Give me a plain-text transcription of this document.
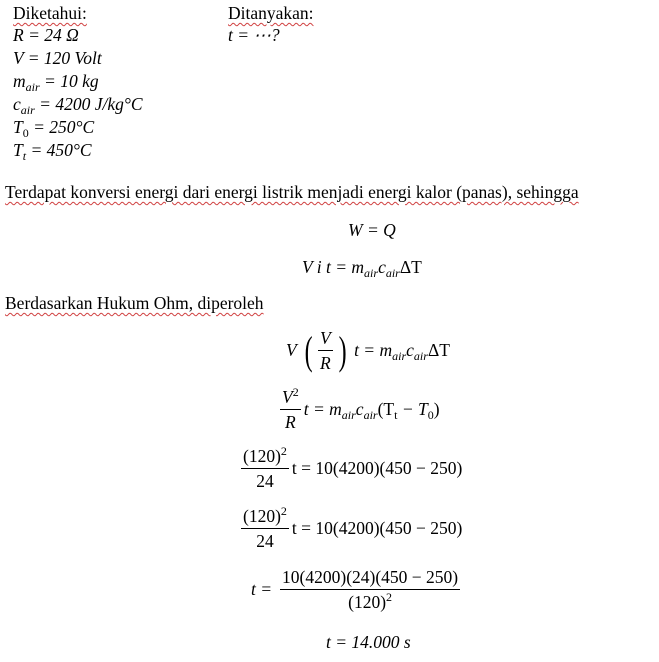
Diketahui:
R = 24 Ω
V = 120 Volt
$m_{air} = 10$ kg
$c_{air} = 4200$ J/kg°C
$T_0 = 250^\circ C$
$T_t = 450^\circ C$
Ditanyakan:
t = ⋯?
Terdapat konversi energi dari energi listrik menjadi energi kalor (panas), sehingga
W = Q
V i $t = m_{air}c_{air}\Delta T$
Berdasarkan Hukum Ohm, diperoleh
V ( $\frac{V}{R}$ ) $t = m_{air}c_{air}\Delta T$
$\frac{V^2}{R}$ $t = m_{air}c_{air}(T_t - T_0)$
$\frac{(120)^2}{24}$ t = 10(4200)(450 − 250)
$\frac{(120)^2}{24}$ t = 10(4200)(450 − 250)
$t = \frac{10(4200)(24)(450 - 250)}{(120)^2}$
t = 14.000 s
